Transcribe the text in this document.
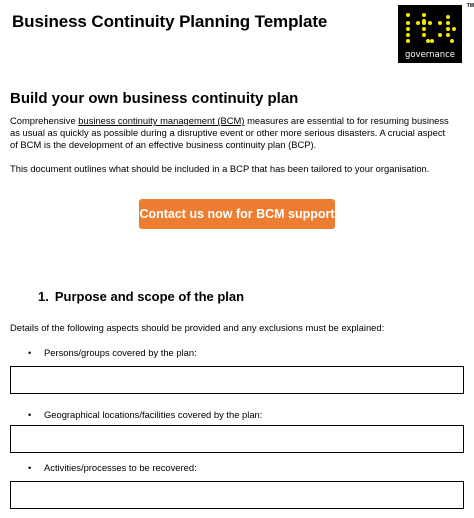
Business Continuity Planning Template
TM
governance
Build your own business continuity plan
Comprehensive business continuity management (BCM) measures are essential to for resuming business
as usual as quickly as possible during a disruptive event or other more serious disasters. A crucial aspect
of BCM is the development of an effective business continuity plan (BCP).
This document outlines what should be included in a BCP that has been tailored to your organisation.
Contact us now for BCM support
1. Purpose and scope of the plan
Details of the following aspects should be provided and any exclusions must be explained:
• Persons/groups covered by the plan:
• Geographical locations/facilities covered by the plan:
• Activities/processes to be recovered:
